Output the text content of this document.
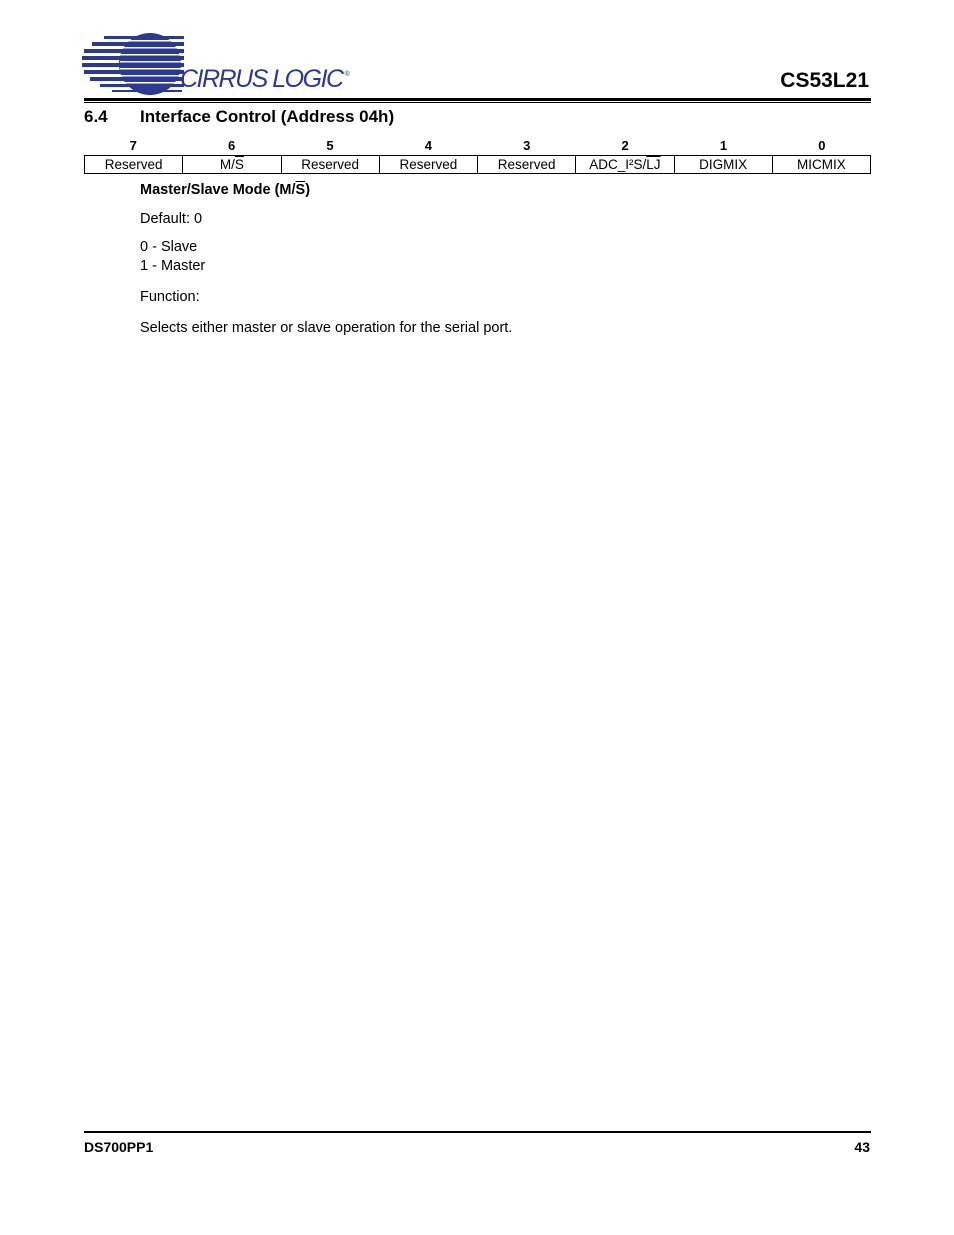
CIRRUS LOGIC ®	CS53L21
6.4 Interface Control (Address 04h)
7	6	5	4	3	2	1	0
Reserved	$M/\overline{S}$	Reserved	Reserved	Reserved	$ADC\_I^2S/\overline{LJ}$	DIGMIX	MICMIX
Master/Slave Mode $(M/\overline{S})$
Default: 0
0 - Slave
1 - Master
Function:
Selects either master or slave operation for the serial port.
DS700PP1	43
